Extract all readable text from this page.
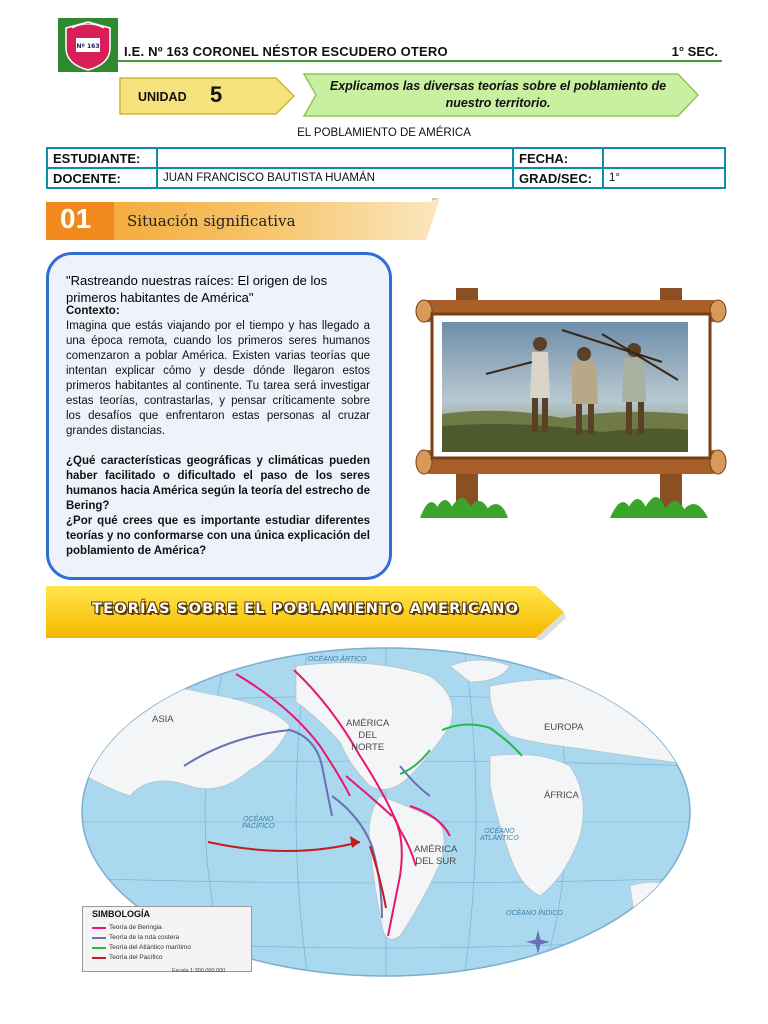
Nº 163 I.E. Nº 163 CORONEL NÉSTOR ESCUDERO OTERO	1° SEC.
UNIDAD 5	Explicamos las diversas teorías sobre el poblamiento de nuestro territorio.
EL POBLAMIENTO DE AMÉRICA
ESTUDIANTE:		FECHA:	
DOCENTE:	JUAN FRANCISCO BAUTISTA HUAMÁN	GRAD/SEC:	1°
01 Situación significativa
"Rastreando nuestras raíces: El origen de los primeros habitantes de América"
Contexto:
Imagina que estás viajando por el tiempo y has llegado a una época remota, cuando los primeros seres humanos comenzaron a poblar América. Existen varias teorías que intentan explicar cómo y desde dónde llegaron estos primeros habitantes al continente. Tu tarea será investigar estas teorías, contrastarlas, y pensar críticamente sobre los desafíos que enfrentaron estas personas al cruzar grandes distancias.
¿Qué características geográficas y climáticas pueden haber facilitado o dificultado el paso de los seres humanos hacia América según la teoría del estrecho de Bering?
¿Por qué crees que es importante estudiar diferentes teorías y no conformarse con una única explicación del poblamiento de América?
TEORÍAS SOBRE EL POBLAMIENTO AMERICANO
ASIA	AMÉRICA
DEL
NORTE
EUROPA
ÁFRICA
AMÉRICA
DEL SUR
OCÉANO ÁRTICO
OCÉANO
PACÍFICO
OCÉANO
ATLÁNTICO
OCÉANO ÍNDICO
SIMBOLOGÍA
Teoría de Beringia
Teoría de la ruta costera
Teoría del Atlántico marítimo
Teoría del Pacífico
Escala 1:300.000.000
